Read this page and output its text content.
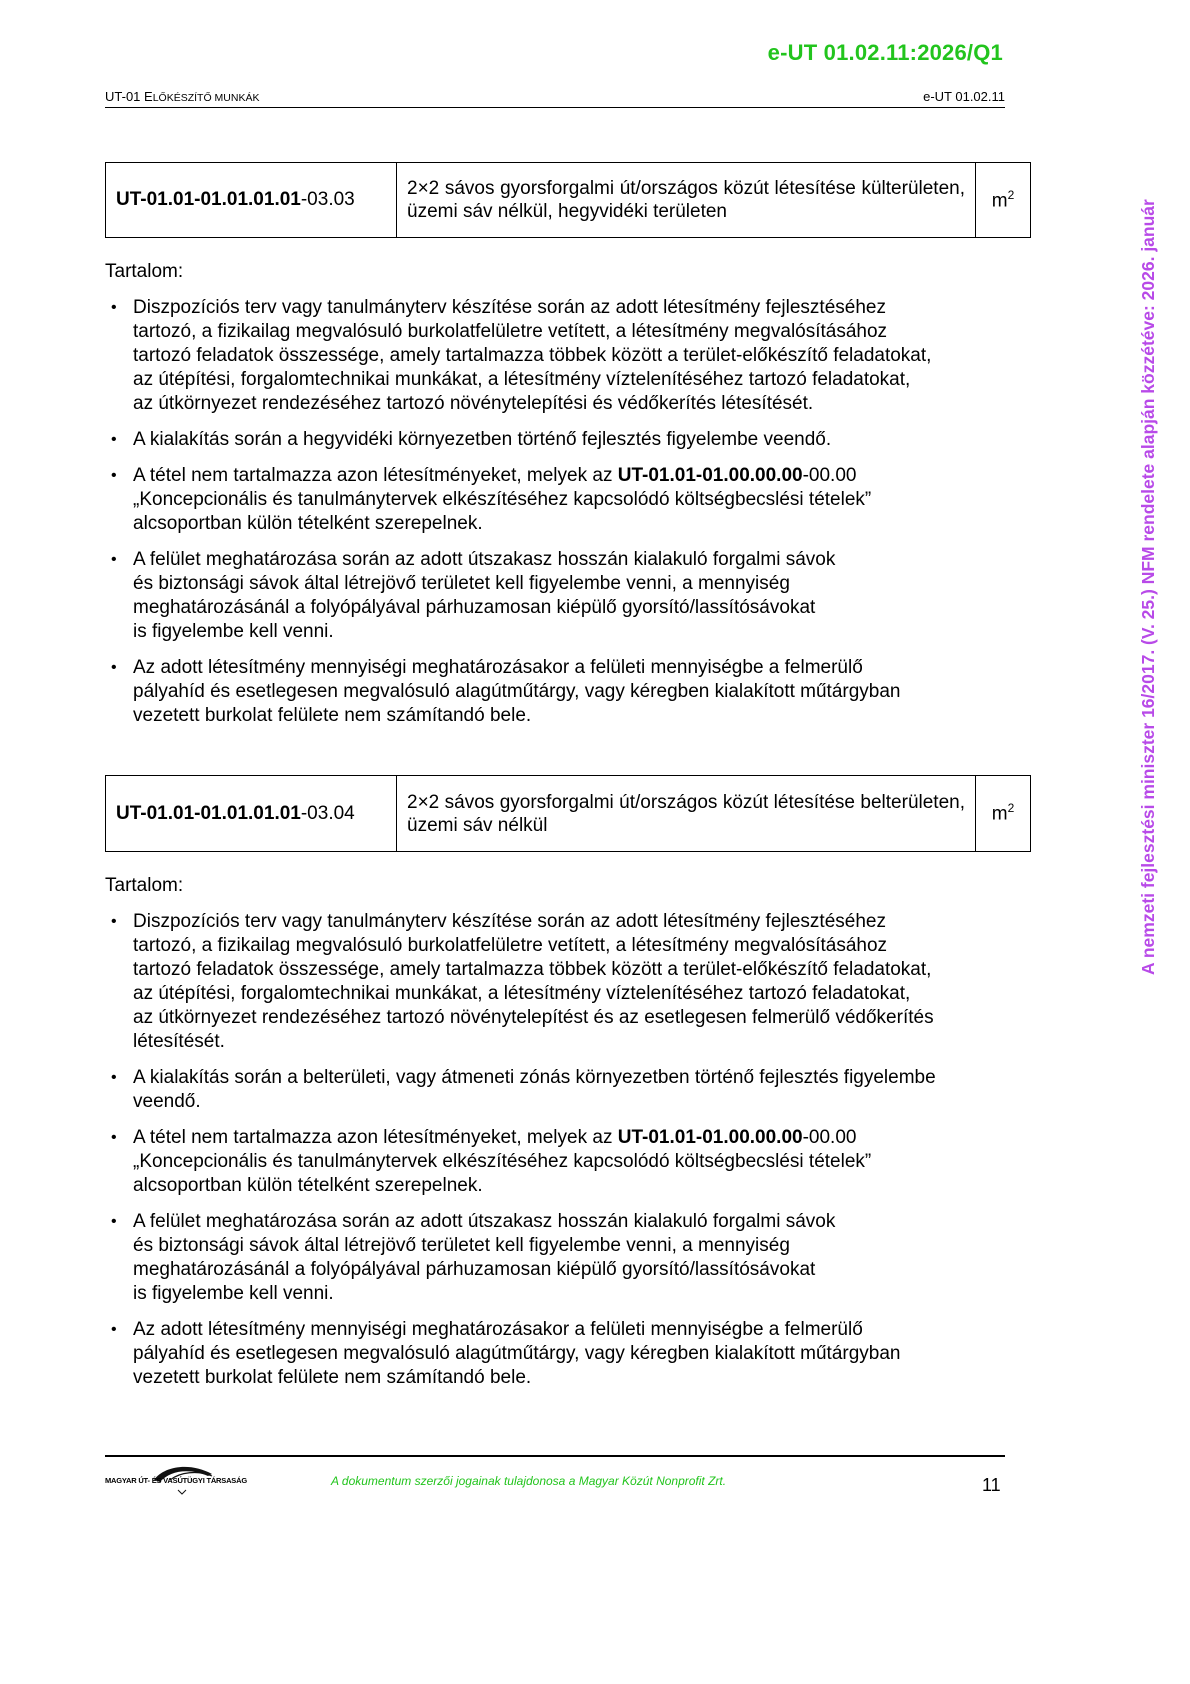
e-UT 01.02.11:2026/Q1
UT-01 ELŐKÉSZÍTŐ MUNKÁK	e-UT 01.02.11
UT-01.01-01.01.01.01-03.03	2×2 sávos gyorsforgalmi út/országos közút létesítése külterületen, üzemi sáv nélkül, hegyvidéki területen	$m^2$
Tartalom:
• Diszpozíciós terv vagy tanulmányterv készítése során az adott létesítmény fejlesztéséhez
tartozó, a fizikailag megvalósuló burkolatfelületre vetített, a létesítmény megvalósításához
tartozó feladatok összessége, amely tartalmazza többek között a terület-előkészítő feladatokat,
az útépítési, forgalomtechnikai munkákat, a létesítmény víztelenítéséhez tartozó feladatokat,
az útkörnyezet rendezéséhez tartozó növénytelepítési és védőkerítés létesítését.
• A kialakítás során a hegyvidéki környezetben történő fejlesztés figyelembe veendő.
• A tétel nem tartalmazza azon létesítményeket, melyek az UT-01.01-01.00.00.00-00.00
„Koncepcionális és tanulmánytervek elkészítéséhez kapcsolódó költségbecslési tételek”
alcsoportban külön tételként szerepelnek.
• A felület meghatározása során az adott útszakasz hosszán kialakuló forgalmi sávok
és biztonsági sávok által létrejövő területet kell figyelembe venni, a mennyiség
meghatározásánál a folyópályával párhuzamosan kiépülő gyorsító/lassítósávokat
is figyelembe kell venni.
• Az adott létesítmény mennyiségi meghatározásakor a felületi mennyiségbe a felmerülő
pályahíd és esetlegesen megvalósuló alagútműtárgy, vagy kéregben kialakított műtárgyban
vezetett burkolat felülete nem számítandó bele.
UT-01.01-01.01.01.01-03.04	2×2 sávos gyorsforgalmi út/országos közút létesítése belterületen, üzemi sáv nélkül	$m^2$
Tartalom:
• Diszpozíciós terv vagy tanulmányterv készítése során az adott létesítmény fejlesztéséhez
tartozó, a fizikailag megvalósuló burkolatfelületre vetített, a létesítmény megvalósításához
tartozó feladatok összessége, amely tartalmazza többek között a terület-előkészítő feladatokat,
az útépítési, forgalomtechnikai munkákat, a létesítmény víztelenítéséhez tartozó feladatokat,
az útkörnyezet rendezéséhez tartozó növénytelepítést és az esetlegesen felmerülő védőkerítés
létesítését.
• A kialakítás során a belterületi, vagy átmeneti zónás környezetben történő fejlesztés figyelembe
veendő.
• A tétel nem tartalmazza azon létesítményeket, melyek az UT-01.01-01.00.00.00-00.00
„Koncepcionális és tanulmánytervek elkészítéséhez kapcsolódó költségbecslési tételek”
alcsoportban külön tételként szerepelnek.
• A felület meghatározása során az adott útszakasz hosszán kialakuló forgalmi sávok
és biztonsági sávok által létrejövő területet kell figyelembe venni, a mennyiség
meghatározásánál a folyópályával párhuzamosan kiépülő gyorsító/lassítósávokat
is figyelembe kell venni.
• Az adott létesítmény mennyiségi meghatározásakor a felületi mennyiségbe a felmerülő
pályahíd és esetlegesen megvalósuló alagútműtárgy, vagy kéregben kialakított műtárgyban
vezetett burkolat felülete nem számítandó bele.
A nemzeti fejlesztési miniszter 16/2017. (V. 25.) NFM rendelete alapján közzétéve: 2026. január
MAGYAR ÚT- ÉS VASÚTÜGYI TÁRSASÁG	A dokumentum szerzői jogainak tulajdonosa a Magyar Közút Nonprofit Zrt.	11
